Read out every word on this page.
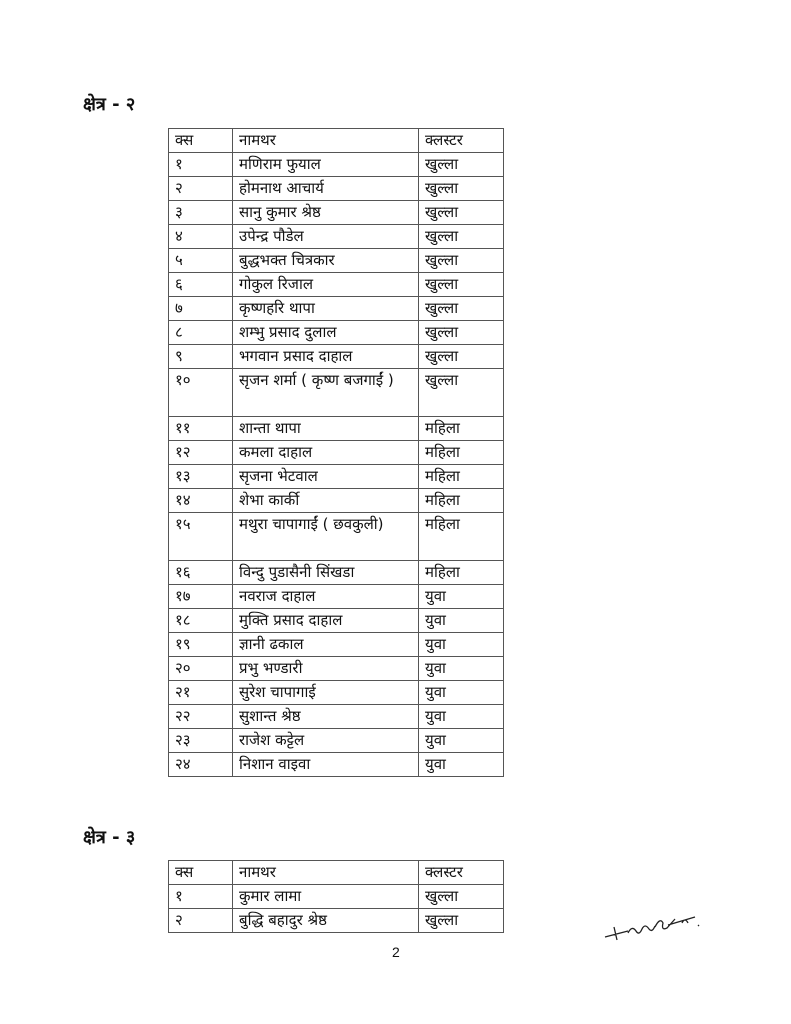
क्षेत्र - २
क्स	नामथर	क्लस्टर
१	मणिराम फुयाल	खुल्ला
२	होमनाथ आचार्य	खुल्ला
३	सानु कुमार श्रेष्ठ	खुल्ला
४	उपेन्द्र पौडेल	खुल्ला
५	बुद्धभक्त चित्रकार	खुल्ला
६	गोकुल रिजाल	खुल्ला
७	कृष्णहरि थापा	खुल्ला
८	शम्भु प्रसाद दुलाल	खुल्ला
९	भगवान प्रसाद दाहाल	खुल्ला
१०	सृजन शर्मा ( कृष्ण बजगाईं )	खुल्ला
११	शान्ता थापा	महिला
१२	कमला दाहाल	महिला
१३	सृजना भेटवाल	महिला
१४	शेभा कार्की	महिला
१५	मथुरा चापागाईं ( छवकुली)	महिला
१६	विन्दु पुडासैनी सिंखडा	महिला
१७	नवराज दाहाल	युवा
१८	मुक्ति प्रसाद दाहाल	युवा
१९	ज्ञानी ढकाल	युवा
२०	प्रभु भण्डारी	युवा
२१	सुरेश चापागाई	युवा
२२	सुशान्त श्रेष्ठ	युवा
२३	राजेश कट्टेल	युवा
२४	निशान वाइवा	युवा
क्षेत्र - ३
क्स	नामथर	क्लस्टर
१	कुमार लामा	खुल्ला
२	बुद्धि बहादुर श्रेष्ठ	खुल्ला
2
